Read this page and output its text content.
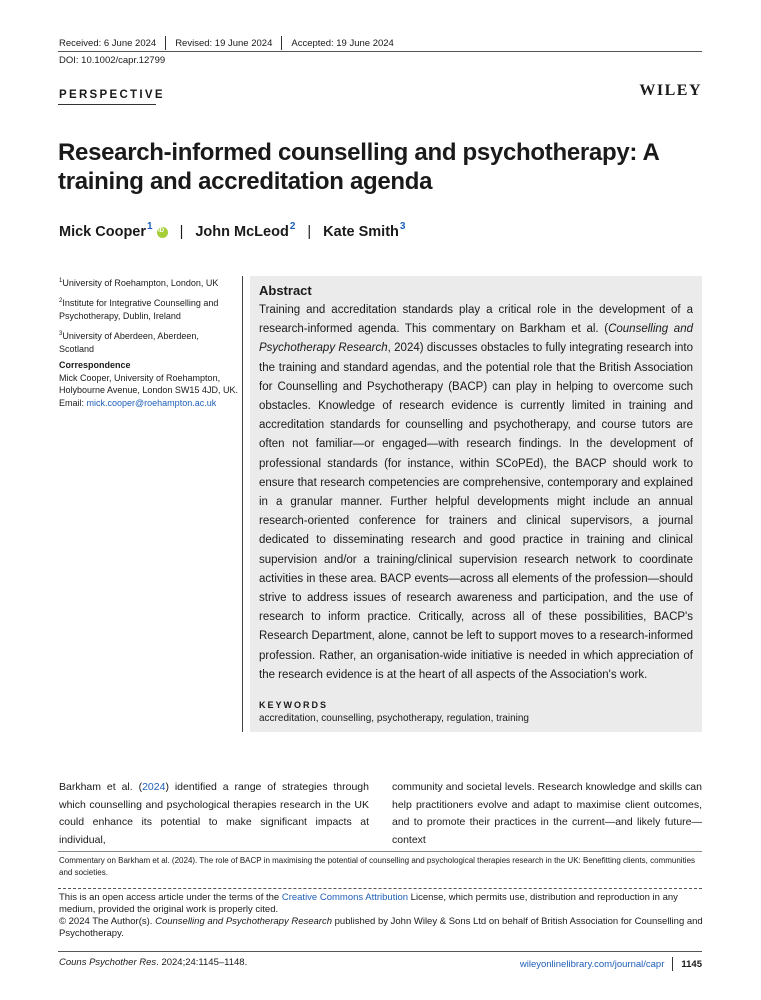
Received: 6 June 2024 Revised: 19 June 2024 Accepted: 19 June 2024
DOI: 10.1002/capr.12799
PERSPECTIVE	WILEY
Research-informed counselling and psychotherapy: A training and accreditation agenda
Mick Cooper$^1$
iD | John McLeod$^2$ | Kate Smith$^3$

$^1$University of Roehampton, London, UK

$^2$Institute for Integrative Counselling and Psychotherapy, Dublin, Ireland

$^3$University of Aberdeen, Aberdeen, Scotland

Correspondence
Mick Cooper, University of Roehampton, Holybourne Avenue, London SW15 4JD, UK.
Email: mick.cooper@roehampton.ac.uk
Abstract
Training and accreditation standards play a critical role in the development of a research-informed agenda. This commentary on Barkham et al. (Counselling and Psychotherapy Research, 2024) discusses obstacles to fully integrating research into the training and standard agendas, and the potential role that the British Association for Counselling and Psychotherapy (BACP) can play in helping to overcome such obstacles. Knowledge of research evidence is currently limited in training and accreditation standards for counselling and psychotherapy, and course tutors are often not familiar—or engaged—with research findings. In the development of professional standards (for instance, within SCoPEd), the BACP should work to ensure that research competencies are comprehensive, contemporary and explained in a granular manner. Further helpful developments might include an annual research-oriented conference for trainers and clinical supervisors, a journal dedicated to disseminating research and good practice in training and clinical supervision and/or a training/clinical supervision research network to coordinate activities in these area. BACP events—across all elements of the profession—should strive to address issues of research awareness and participation, and the use of research to inform practice. Critically, across all of these possibilities, BACP's Research Department, alone, cannot be left to support moves to a research-informed profession. Rather, an organisation-wide initiative is needed in which appreciation of the research evidence is at the heart of all aspects of the Association's work.
KEYWORDS
accreditation, counselling, psychotherapy, regulation, training
Barkham et al. (2024) identified a range of strategies through which counselling and psychological therapies research in the UK could enhance its potential to make significant impacts at individual,
community and societal levels. Research knowledge and skills can help practitioners evolve and adapt to maximise client outcomes, and to promote their practices in the current—and likely future—context
Commentary on Barkham et al. (2024). The role of BACP in maximising the potential of counselling and psychological therapies research in the UK: Benefitting clients, communities and societies.
This is an open access article under the terms of the Creative Commons Attribution License, which permits use, distribution and reproduction in any medium, provided the original work is properly cited.
© 2024 The Author(s). Counselling and Psychotherapy Research published by John Wiley & Sons Ltd on behalf of British Association for Counselling and Psychotherapy.
Couns Psychother Res. 2024;24:1145–1148.	wileyonlinelibrary.com/journal/capr 1145
